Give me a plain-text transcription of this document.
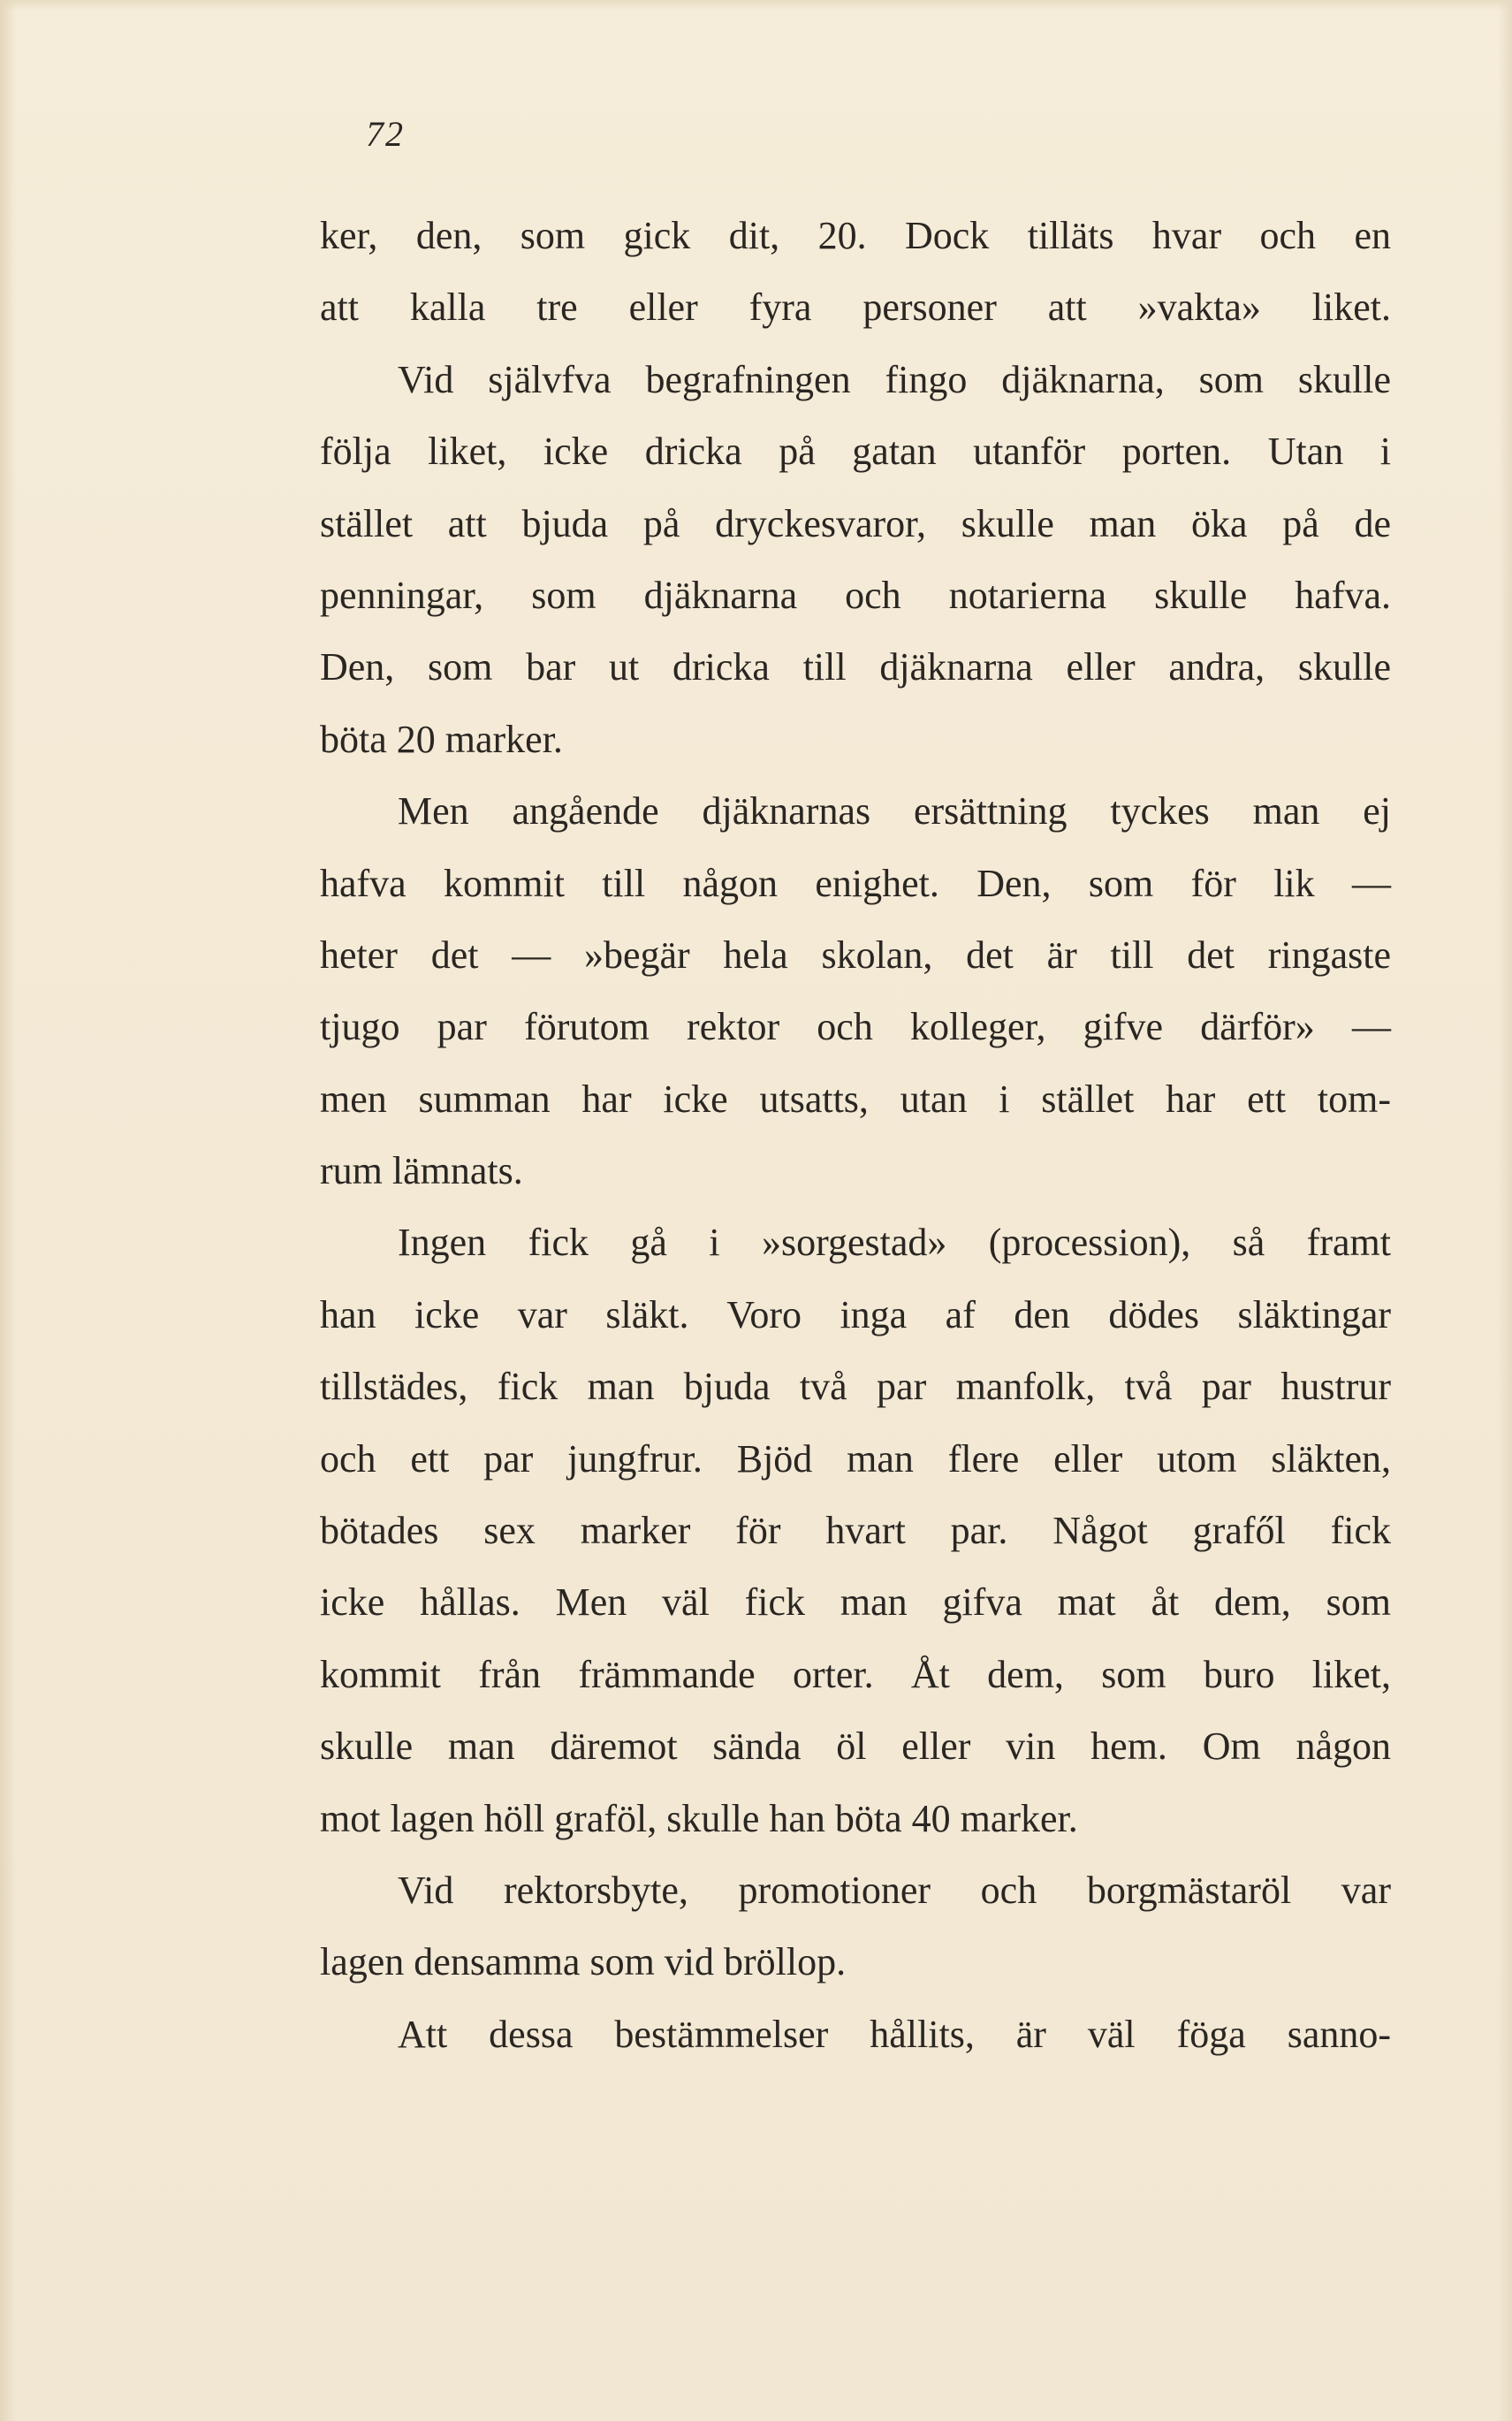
72
ker, den, som gick dit, 20. Dock tilläts hvar och en
att kalla tre eller fyra personer att »vakta» liket.
Vid självfva begrafningen fingo djäknarna, som skulle
följa liket, icke dricka på gatan utanför porten. Utan i
stället att bjuda på dryckesvaror, skulle man öka på de
penningar, som djäknarna och notarierna skulle hafva.
Den, som bar ut dricka till djäknarna eller andra, skulle
böta 20 marker.
Men angående djäknarnas ersättning tyckes man ej
hafva kommit till någon enighet. Den, som för lik —
heter det — »begär hela skolan, det är till det ringaste
tjugo par förutom rektor och kolleger, gifve därför» —
men summan har icke utsatts, utan i stället har ett tom-
rum lämnats.
Ingen fick gå i »sorgestad» (procession), så framt
han icke var släkt. Voro inga af den dödes släktingar
tillstädes, fick man bjuda två par manfolk, två par hustrur
och ett par jungfrur. Bjöd man flere eller utom släkten,
bötades sex marker för hvart par. Något grafől fick
icke hållas. Men väl fick man gifva mat åt dem, som
kommit från främmande orter. Åt dem, som buro liket,
skulle man däremot sända öl eller vin hem. Om någon
mot lagen höll graföl, skulle han böta 40 marker.
Vid rektorsbyte, promotioner och borgmästaröl var
lagen densamma som vid bröllop.
Att dessa bestämmelser hållits, är väl föga sanno-
